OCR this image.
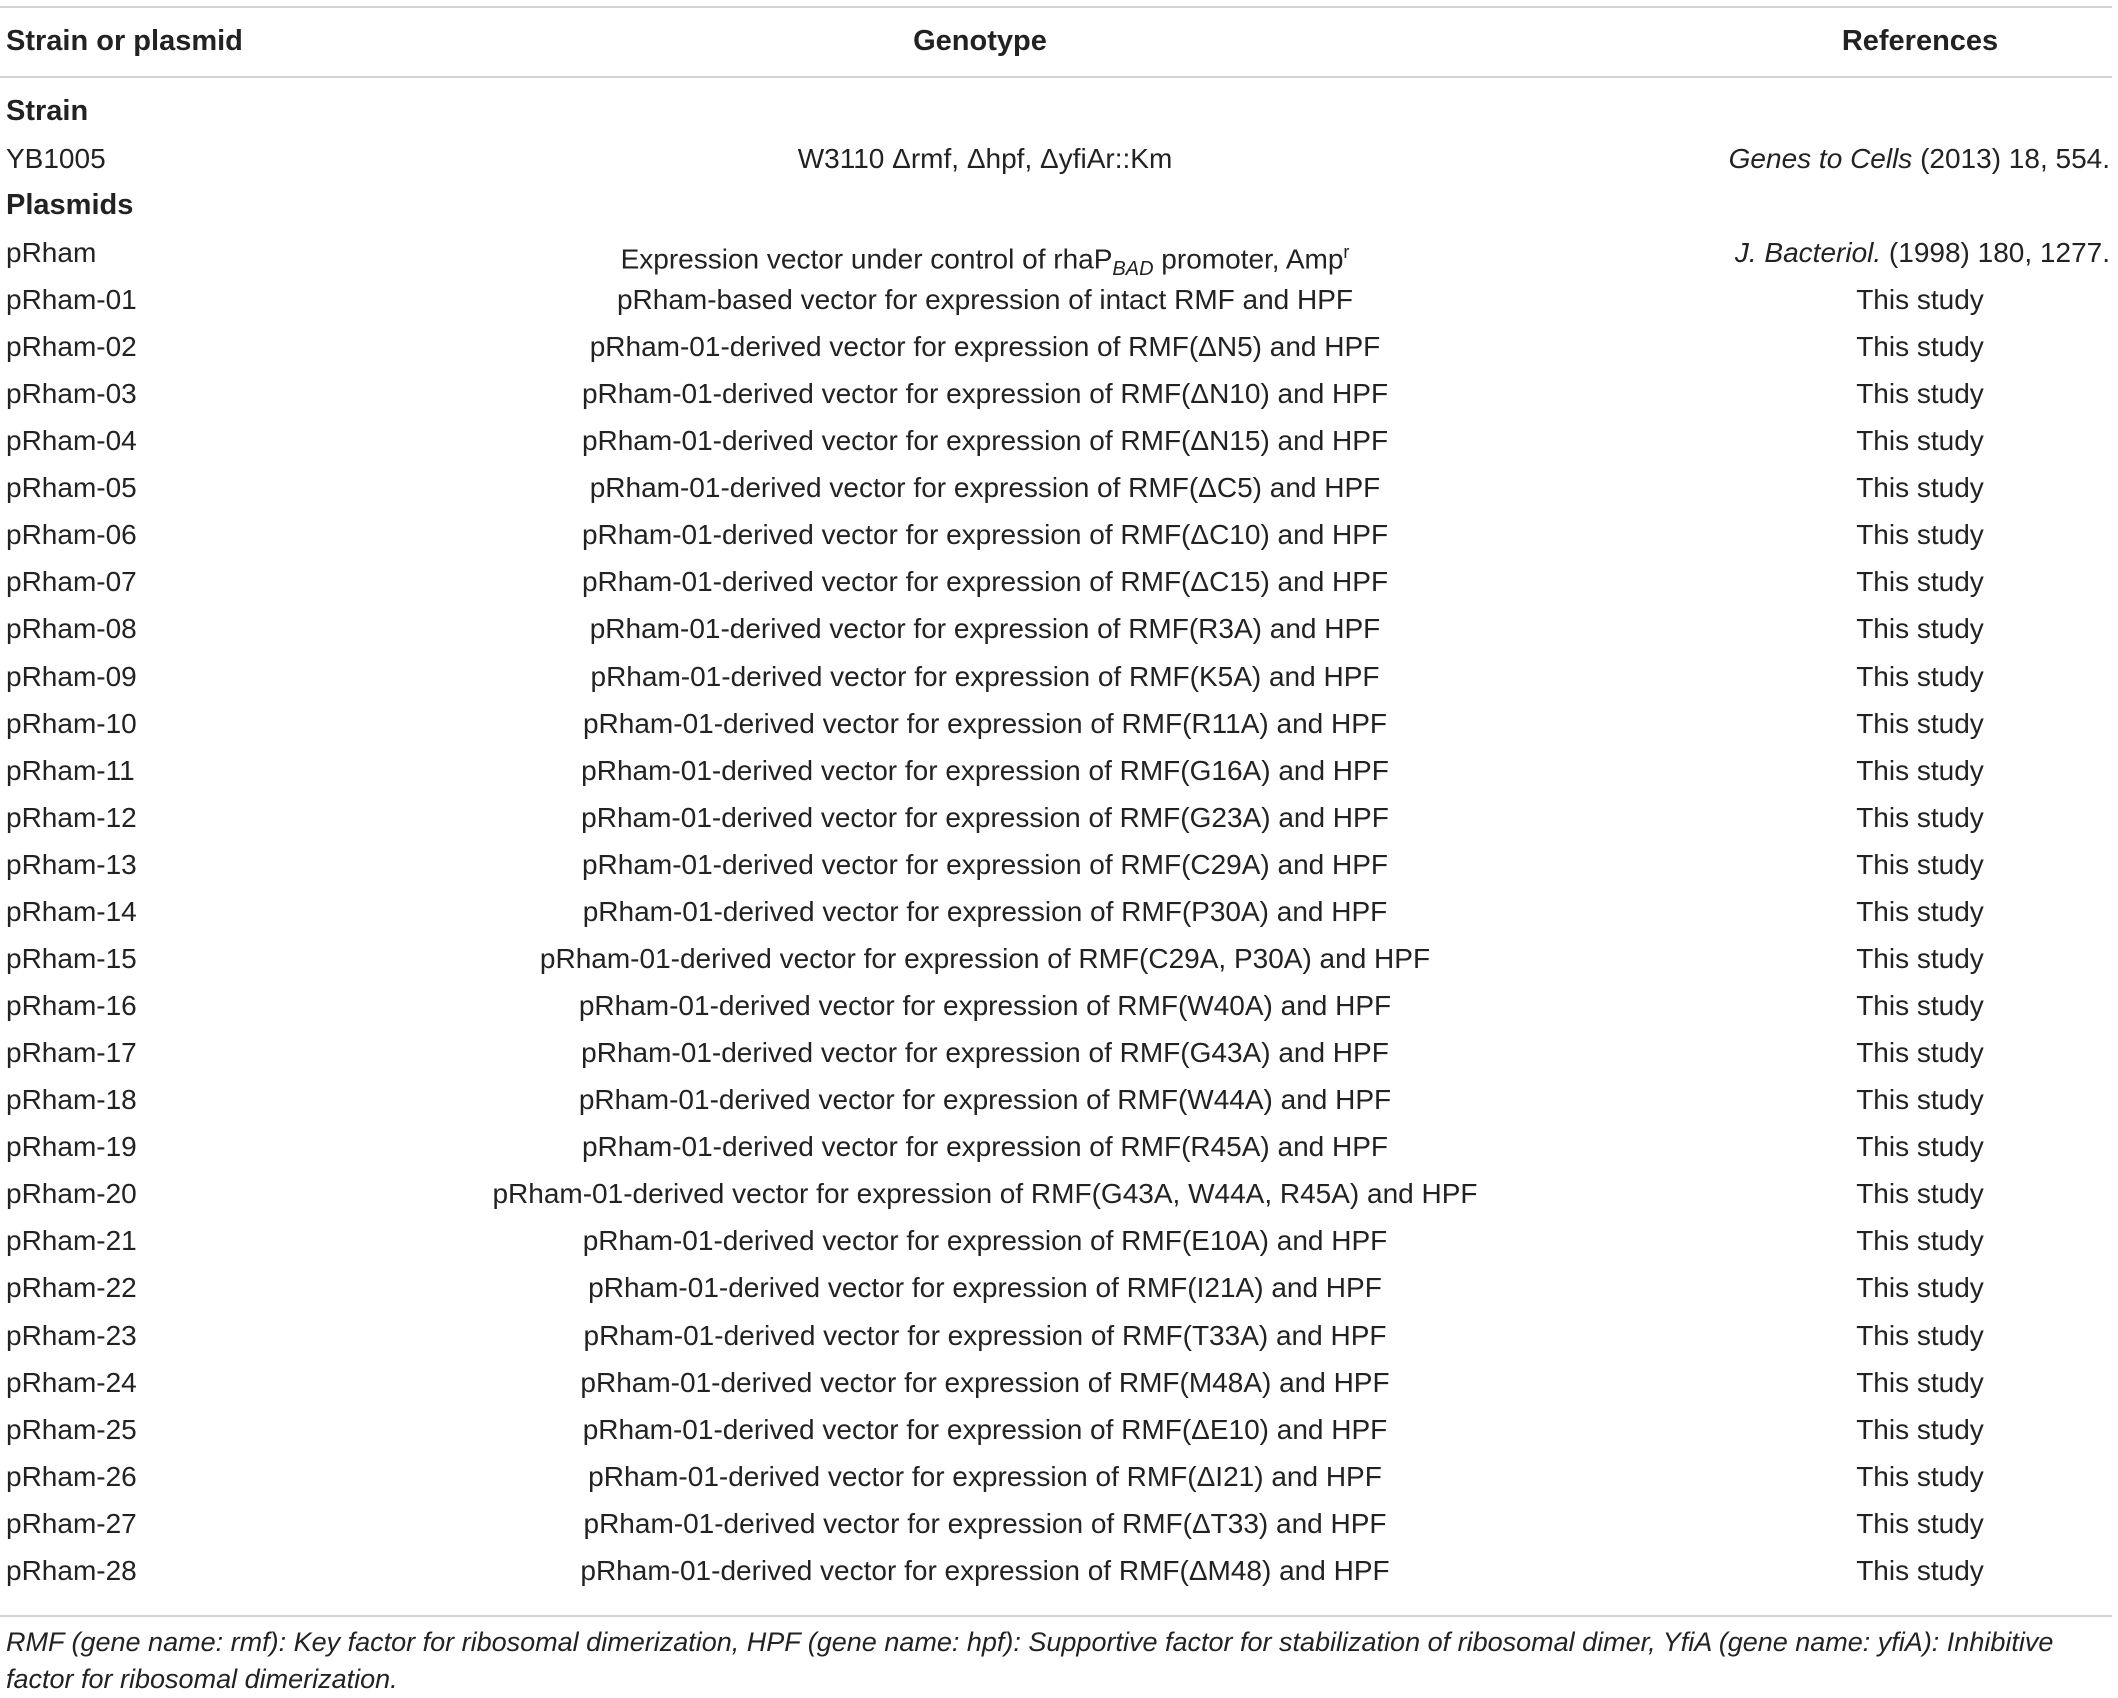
Strain or plasmid	Genotype	References
Strain
YB1005	W3110 Δrmf, Δhpf, ΔyfiAr::Km	Genes to Cells (2013) 18, 554.
Plasmids
pRham	Expression vector under control of rhaP$_{BAD}$ promoter, Amp$^r$	J. Bacteriol. (1998) 180, 1277.
pRham-01	pRham-based vector for expression of intact RMF and HPF	This study
pRham-02	pRham-01-derived vector for expression of RMF(ΔN5) and HPF	This study
pRham-03	pRham-01-derived vector for expression of RMF(ΔN10) and HPF	This study
pRham-04	pRham-01-derived vector for expression of RMF(ΔN15) and HPF	This study
pRham-05	pRham-01-derived vector for expression of RMF(ΔC5) and HPF	This study
pRham-06	pRham-01-derived vector for expression of RMF(ΔC10) and HPF	This study
pRham-07	pRham-01-derived vector for expression of RMF(ΔC15) and HPF	This study
pRham-08	pRham-01-derived vector for expression of RMF(R3A) and HPF	This study
pRham-09	pRham-01-derived vector for expression of RMF(K5A) and HPF	This study
pRham-10	pRham-01-derived vector for expression of RMF(R11A) and HPF	This study
pRham-11	pRham-01-derived vector for expression of RMF(G16A) and HPF	This study
pRham-12	pRham-01-derived vector for expression of RMF(G23A) and HPF	This study
pRham-13	pRham-01-derived vector for expression of RMF(C29A) and HPF	This study
pRham-14	pRham-01-derived vector for expression of RMF(P30A) and HPF	This study
pRham-15	pRham-01-derived vector for expression of RMF(C29A, P30A) and HPF	This study
pRham-16	pRham-01-derived vector for expression of RMF(W40A) and HPF	This study
pRham-17	pRham-01-derived vector for expression of RMF(G43A) and HPF	This study
pRham-18	pRham-01-derived vector for expression of RMF(W44A) and HPF	This study
pRham-19	pRham-01-derived vector for expression of RMF(R45A) and HPF	This study
pRham-20	pRham-01-derived vector for expression of RMF(G43A, W44A, R45A) and HPF	This study
pRham-21	pRham-01-derived vector for expression of RMF(E10A) and HPF	This study
pRham-22	pRham-01-derived vector for expression of RMF(I21A) and HPF	This study
pRham-23	pRham-01-derived vector for expression of RMF(T33A) and HPF	This study
pRham-24	pRham-01-derived vector for expression of RMF(M48A) and HPF	This study
pRham-25	pRham-01-derived vector for expression of RMF(ΔE10) and HPF	This study
pRham-26	pRham-01-derived vector for expression of RMF(ΔI21) and HPF	This study
pRham-27	pRham-01-derived vector for expression of RMF(ΔT33) and HPF	This study
pRham-28	pRham-01-derived vector for expression of RMF(ΔM48) and HPF	This study
RMF (gene name: rmf): Key factor for ribosomal dimerization, HPF (gene name: hpf): Supportive factor for stabilization of ribosomal dimer, YfiA (gene name: yfiA): Inhibitive factor for ribosomal dimerization.
